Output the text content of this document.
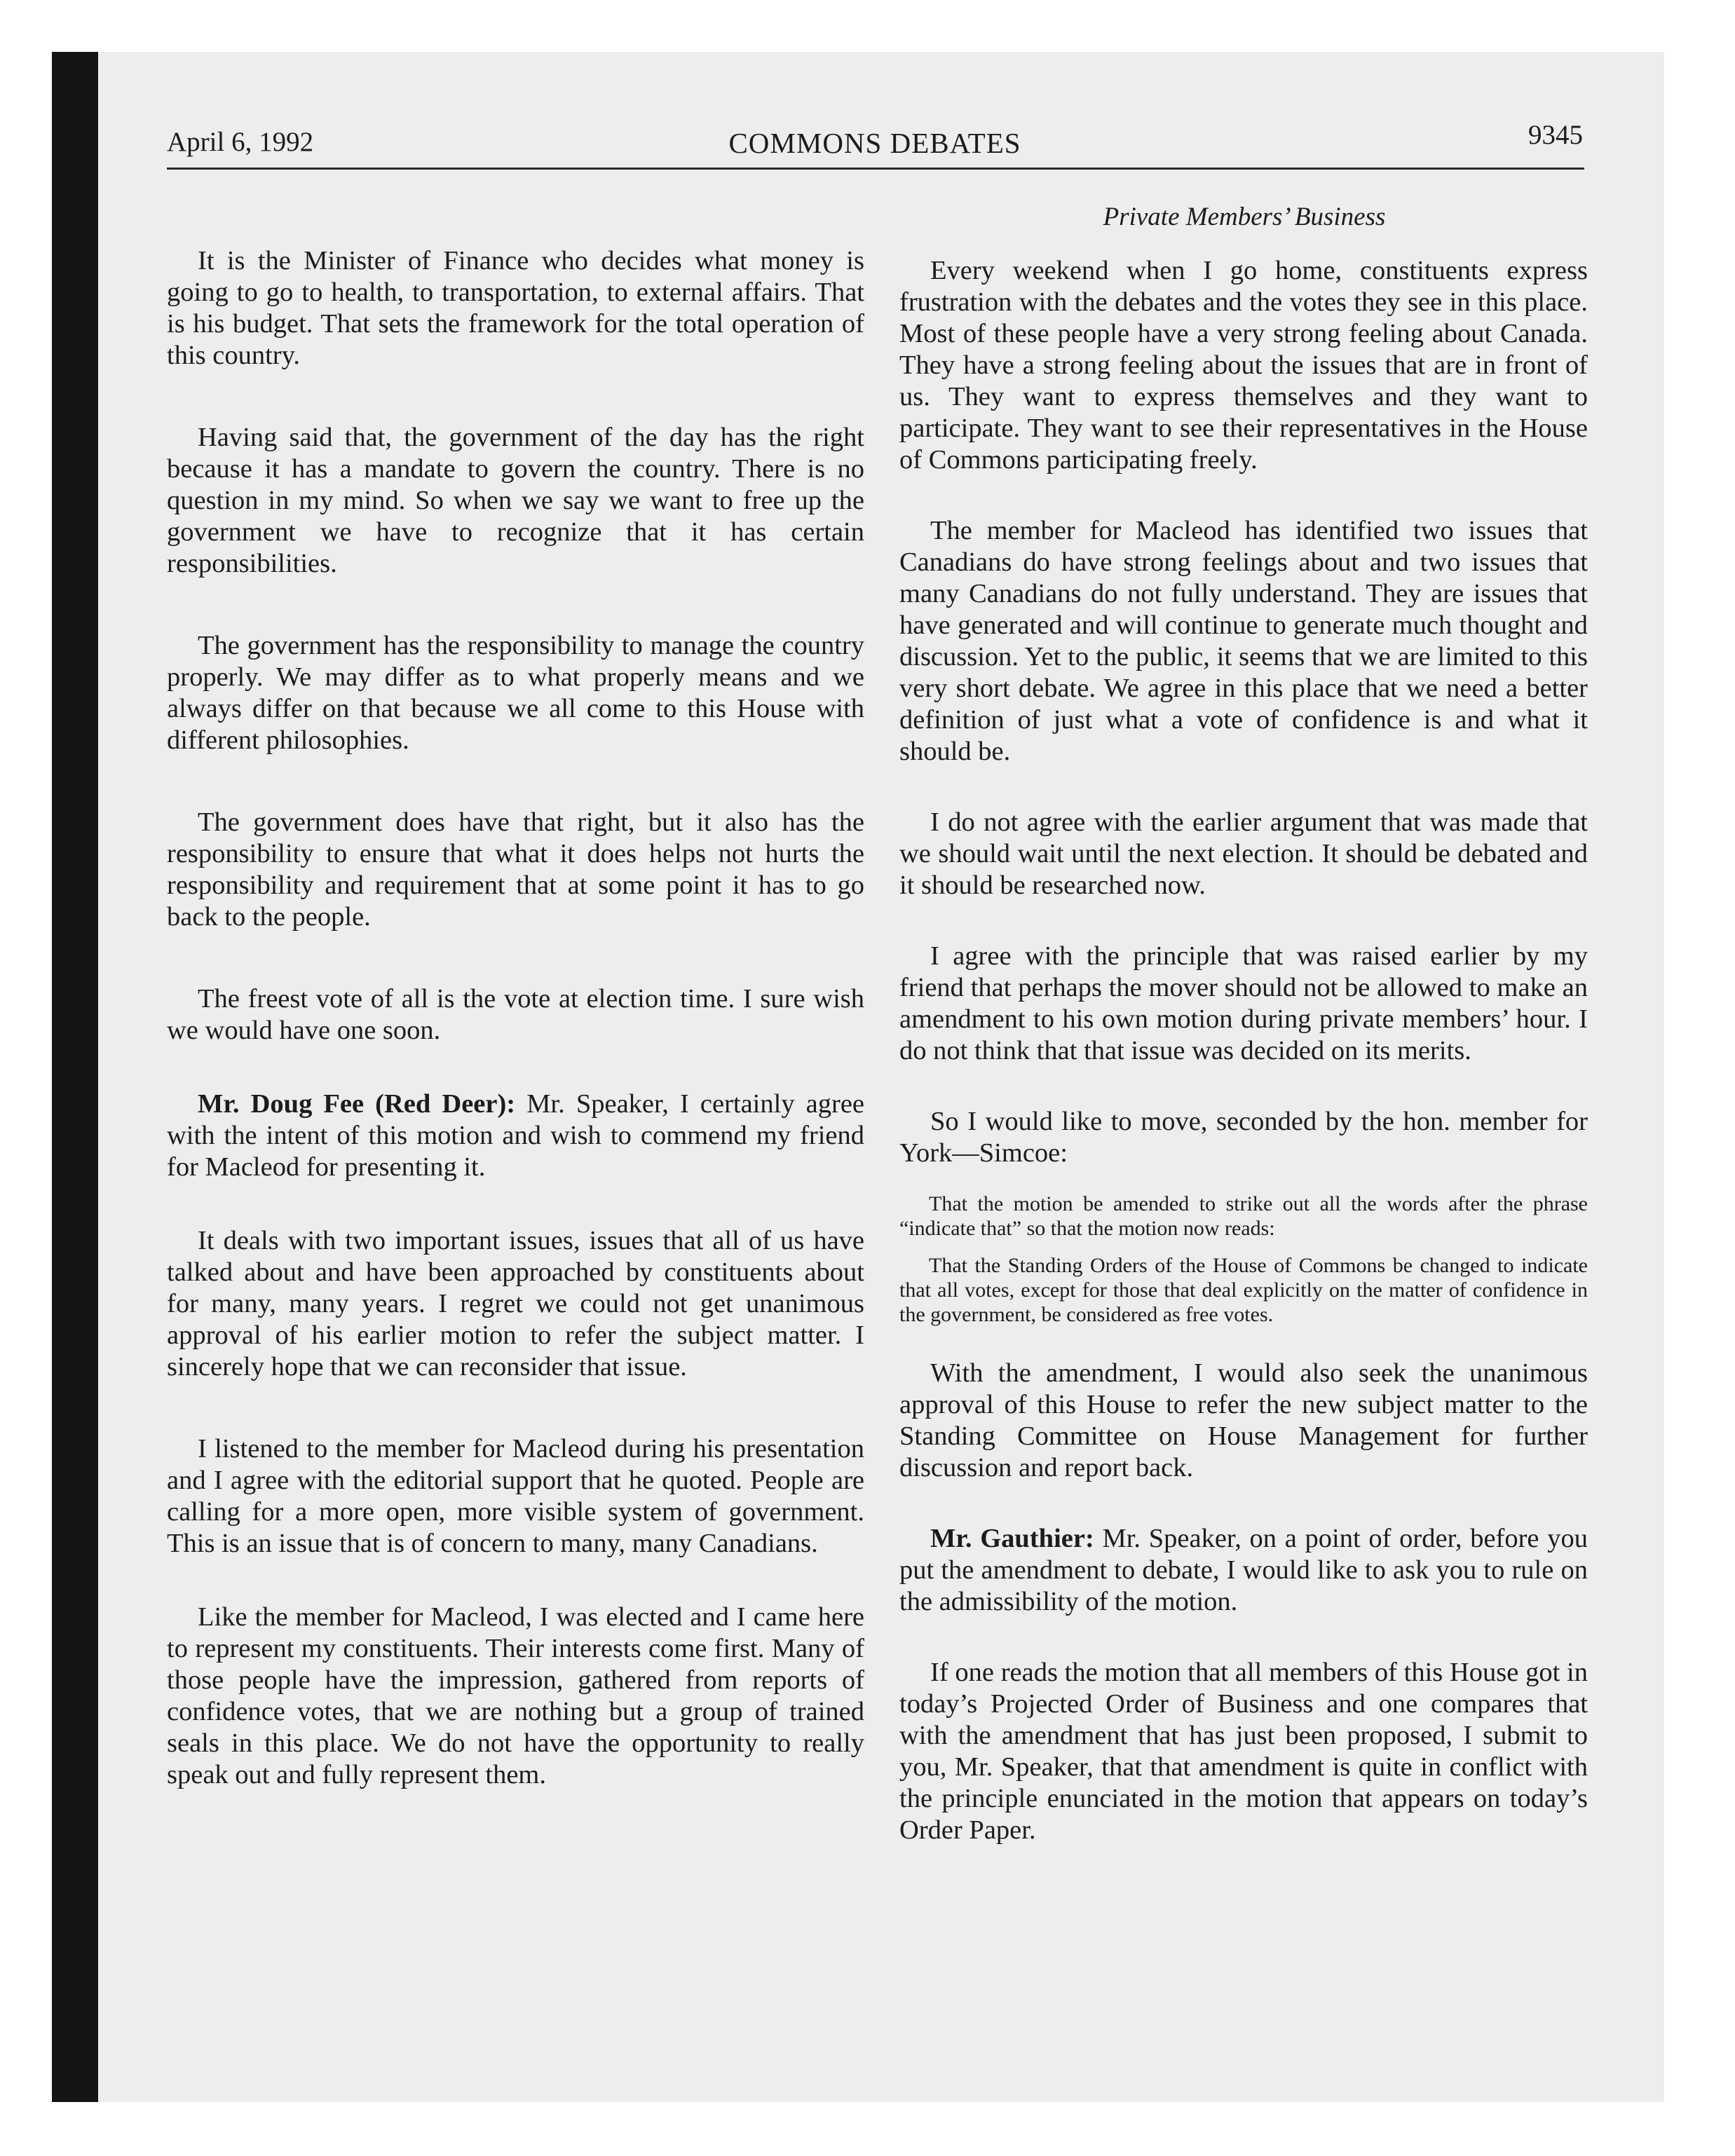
April 6, 1992	COMMONS DEBATES	9345
Private Members’ Business

It is the Minister of Finance who decides what money is going to go to health, to transportation, to external affairs. That is his budget. That sets the framework for the total operation of this country.

Having said that, the government of the day has the right because it has a mandate to govern the country. There is no question in my mind. So when we say we want to free up the government we have to recognize that it has certain responsibilities.

The government has the responsibility to manage the country properly. We may differ as to what properly means and we always differ on that because we all come to this House with different philosophies.

The government does have that right, but it also has the responsibility to ensure that what it does helps not hurts the responsibility and requirement that at some point it has to go back to the people.

The freest vote of all is the vote at election time. I sure wish we would have one soon.

Mr. Doug Fee (Red Deer): Mr. Speaker, I certainly agree with the intent of this motion and wish to commend my friend for Macleod for presenting it.

It deals with two important issues, issues that all of us have talked about and have been approached by constituents about for many, many years. I regret we could not get unanimous approval of his earlier motion to refer the subject matter. I sincerely hope that we can reconsider that issue.

I listened to the member for Macleod during his presentation and I agree with the editorial support that he quoted. People are calling for a more open, more visible system of government. This is an issue that is of concern to many, many Canadians.

Like the member for Macleod, I was elected and I came here to represent my constituents. Their interests come first. Many of those people have the impression, gathered from reports of confidence votes, that we are nothing but a group of trained seals in this place. We do not have the opportunity to really speak out and fully represent them.

Every weekend when I go home, constituents express frustration with the debates and the votes they see in this place. Most of these people have a very strong feeling about Canada. They have a strong feeling about the issues that are in front of us. They want to express themselves and they want to participate. They want to see their representatives in the House of Commons participating freely.

The member for Macleod has identified two issues that Canadians do have strong feelings about and two issues that many Canadians do not fully understand. They are issues that have generated and will continue to generate much thought and discussion. Yet to the public, it seems that we are limited to this very short debate. We agree in this place that we need a better definition of just what a vote of confidence is and what it should be.

I do not agree with the earlier argument that was made that we should wait until the next election. It should be debated and it should be researched now.

I agree with the principle that was raised earlier by my friend that perhaps the mover should not be allowed to make an amendment to his own motion during private members’ hour. I do not think that that issue was decided on its merits.

So I would like to move, seconded by the hon. member for York—Simcoe:

That the motion be amended to strike out all the words after the phrase “indicate that” so that the motion now reads:
That the Standing Orders of the House of Commons be changed to indicate that all votes, except for those that deal explicitly on the matter of confidence in the government, be considered as free votes.

With the amendment, I would also seek the unanimous approval of this House to refer the new subject matter to the Standing Committee on House Management for further discussion and report back.

Mr. Gauthier: Mr. Speaker, on a point of order, before you put the amendment to debate, I would like to ask you to rule on the admissibility of the motion.

If one reads the motion that all members of this House got in today’s Projected Order of Business and one compares that with the amendment that has just been proposed, I submit to you, Mr. Speaker, that that amendment is quite in conflict with the principle enunciated in the motion that appears on today’s Order Paper.
